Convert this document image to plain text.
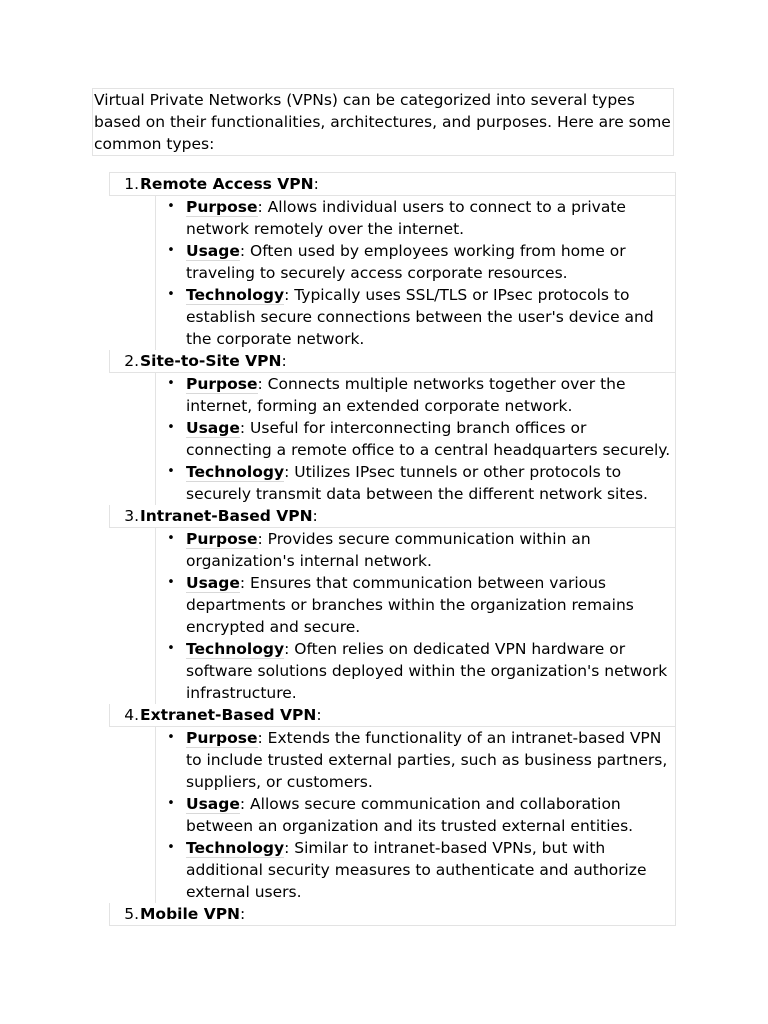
Virtual Private Networks (VPNs) can be categorized into several types based on their functionalities, architectures, and purposes. Here are some common types:

1. Remote Access VPN :
• Purpose: Allows individual users to connect to a private network remotely over the internet.
• Usage: Often used by employees working from home or traveling to securely access corporate resources.
• Technology: Typically uses SSL/TLS or IPsec protocols to establish secure connections between the user's device and the corporate network.
2. Site-to-Site VPN :
• Purpose: Connects multiple networks together over the internet, forming an extended corporate network.
• Usage: Useful for interconnecting branch offices or connecting a remote office to a central headquarters securely.
• Technology: Utilizes IPsec tunnels or other protocols to securely transmit data between the different network sites.
3. Intranet-Based VPN :
• Purpose: Provides secure communication within an organization's internal network.
• Usage: Ensures that communication between various departments or branches within the organization remains encrypted and secure.
• Technology: Often relies on dedicated VPN hardware or software solutions deployed within the organization's network infrastructure.
4. Extranet-Based VPN :
• Purpose: Extends the functionality of an intranet-based VPN to include trusted external parties, such as business partners, suppliers, or customers.
• Usage: Allows secure communication and collaboration between an organization and its trusted external entities.
• Technology: Similar to intranet-based VPNs, but with additional security measures to authenticate and authorize external users.
5. Mobile VPN :
